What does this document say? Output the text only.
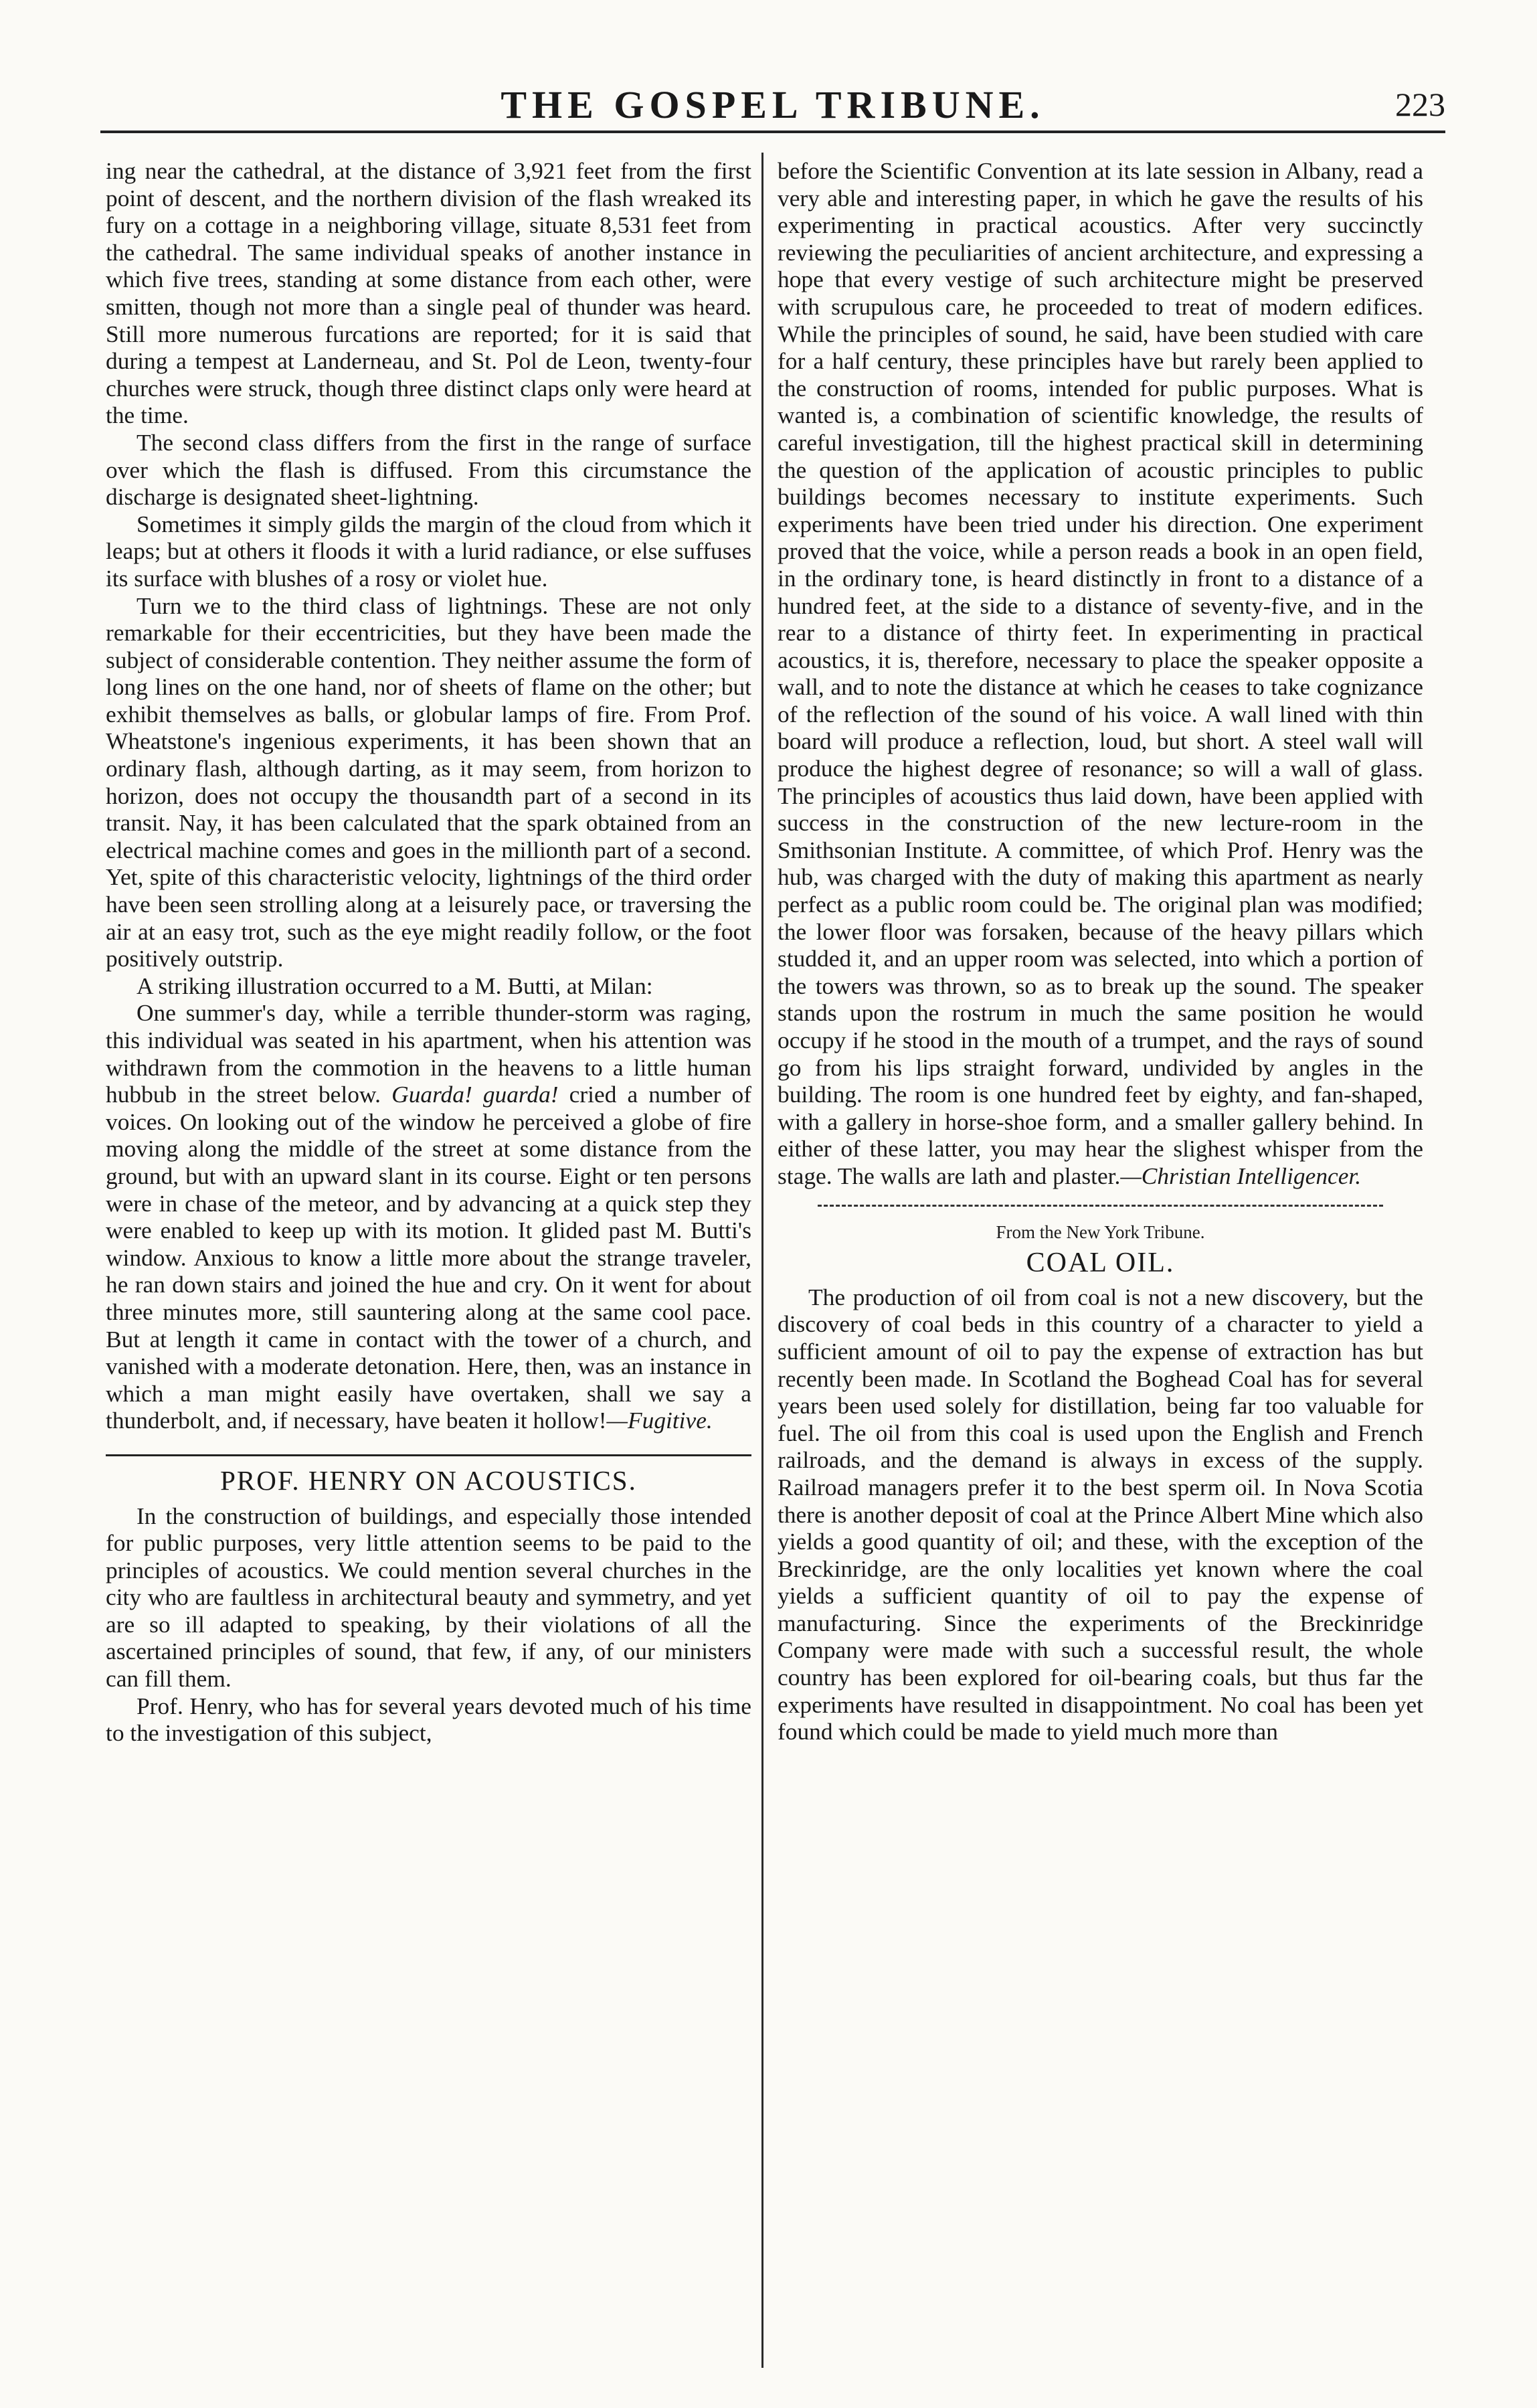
THE GOSPEL TRIBUNE.	223

ing near the cathedral, at the distance of 3,921 feet from the first point of descent, and the northern division of the flash wreaked its fury on a cottage in a neighboring village, situate 8,531 feet from the cathedral. The same individual speaks of another instance in which five trees, standing at some distance from each other, were smitten, though not more than a single peal of thunder was heard. Still more numerous furcations are reported; for it is said that during a tempest at Landerneau, and St. Pol de Leon, twenty-four churches were struck, though three distinct claps only were heard at the time.

The second class differs from the first in the range of surface over which the flash is diffused. From this circumstance the discharge is designated sheet-lightning.

Sometimes it simply gilds the margin of the cloud from which it leaps; but at others it floods it with a lurid radiance, or else suffuses its surface with blushes of a rosy or violet hue.

Turn we to the third class of lightnings. These are not only remarkable for their eccentricities, but they have been made the subject of considerable contention. They neither assume the form of long lines on the one hand, nor of sheets of flame on the other; but exhibit themselves as balls, or globular lamps of fire. From Prof. Wheatstone's ingenious experiments, it has been shown that an ordinary flash, although darting, as it may seem, from horizon to horizon, does not occupy the thousandth part of a second in its transit. Nay, it has been calculated that the spark obtained from an electrical machine comes and goes in the millionth part of a second. Yet, spite of this characteristic velocity, lightnings of the third order have been seen strolling along at a leisurely pace, or traversing the air at an easy trot, such as the eye might readily follow, or the foot positively outstrip.

A striking illustration occurred to a M. Butti, at Milan:

One summer's day, while a terrible thunder-storm was raging, this individual was seated in his apartment, when his attention was withdrawn from the commotion in the heavens to a little human hubbub in the street below. Guarda! guarda! cried a number of voices. On looking out of the window he perceived a globe of fire moving along the middle of the street at some distance from the ground, but with an upward slant in its course. Eight or ten persons were in chase of the meteor, and by advancing at a quick step they were enabled to keep up with its motion. It glided past M. Butti's window. Anxious to know a little more about the strange traveler, he ran down stairs and joined the hue and cry. On it went for about three minutes more, still sauntering along at the same cool pace. But at length it came in contact with the tower of a church, and vanished with a moderate detonation. Here, then, was an instance in which a man might easily have overtaken, shall we say a thunderbolt, and, if necessary, have beaten it hollow!—Fugitive.

PROF. HENRY ON ACOUSTICS.

In the construction of buildings, and especially those intended for public purposes, very little attention seems to be paid to the principles of acoustics. We could mention several churches in the city who are faultless in architectural beauty and symmetry, and yet are so ill adapted to speaking, by their violations of all the ascertained principles of sound, that few, if any, of our ministers can fill them.

Prof. Henry, who has for several years devoted much of his time to the investigation of this subject,

before the Scientific Convention at its late session in Albany, read a very able and interesting paper, in which he gave the results of his experimenting in practical acoustics. After very succinctly reviewing the peculiarities of ancient architecture, and expressing a hope that every vestige of such architecture might be preserved with scrupulous care, he proceeded to treat of modern edifices. While the principles of sound, he said, have been studied with care for a half century, these principles have but rarely been applied to the construction of rooms, intended for public purposes. What is wanted is, a combination of scientific knowledge, the results of careful investigation, till the highest practical skill in determining the question of the application of acoustic principles to public buildings becomes necessary to institute experiments. Such experiments have been tried under his direction. One experiment proved that the voice, while a person reads a book in an open field, in the ordinary tone, is heard distinctly in front to a distance of a hundred feet, at the side to a distance of seventy-five, and in the rear to a distance of thirty feet. In experimenting in practical acoustics, it is, therefore, necessary to place the speaker opposite a wall, and to note the distance at which he ceases to take cognizance of the reflection of the sound of his voice. A wall lined with thin board will produce a reflection, loud, but short. A steel wall will produce the highest degree of resonance; so will a wall of glass. The principles of acoustics thus laid down, have been applied with success in the construction of the new lecture-room in the Smithsonian Institute. A committee, of which Prof. Henry was the hub, was charged with the duty of making this apartment as nearly perfect as a public room could be. The original plan was modified; the lower floor was forsaken, because of the heavy pillars which studded it, and an upper room was selected, into which a portion of the towers was thrown, so as to break up the sound. The speaker stands upon the rostrum in much the same position he would occupy if he stood in the mouth of a trumpet, and the rays of sound go from his lips straight forward, undivided by angles in the building. The room is one hundred feet by eighty, and fan-shaped, with a gallery in horse-shoe form, and a smaller gallery behind. In either of these latter, you may hear the slighest whisper from the stage. The walls are lath and plaster.—Christian Intelligencer.

From the New York Tribune.
COAL OIL.

The production of oil from coal is not a new discovery, but the discovery of coal beds in this country of a character to yield a sufficient amount of oil to pay the expense of extraction has but recently been made. In Scotland the Boghead Coal has for several years been used solely for distillation, being far too valuable for fuel. The oil from this coal is used upon the English and French railroads, and the demand is always in excess of the supply. Railroad managers prefer it to the best sperm oil. In Nova Scotia there is another deposit of coal at the Prince Albert Mine which also yields a good quantity of oil; and these, with the exception of the Breckinridge, are the only localities yet known where the coal yields a sufficient quantity of oil to pay the expense of manufacturing. Since the experiments of the Breckinridge Company were made with such a successful result, the whole country has been explored for oil-bearing coals, but thus far the experiments have resulted in disappointment. No coal has been yet found which could be made to yield much more than
